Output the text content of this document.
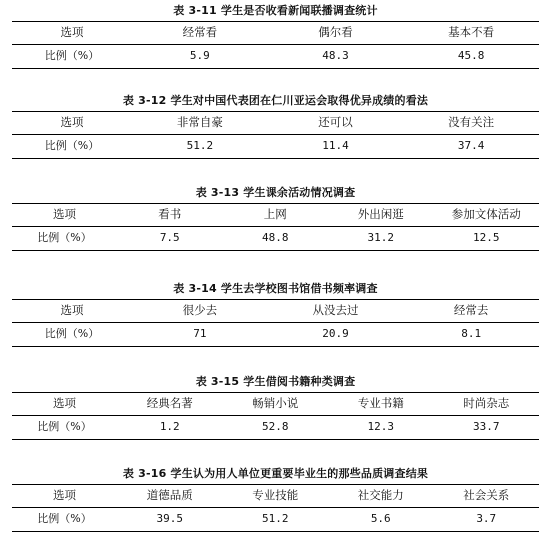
表 3-11 学生是否收看新闻联播调查统计
选项	经常看	偶尔看	基本不看
比例（%）	5.9	48.3	45.8
表 3-12 学生对中国代表团在仁川亚运会取得优异成绩的看法
选项	非常自豪	还可以	没有关注
比例（%）	51.2	11.4	37.4
表 3-13 学生课余活动情况调查
选项	看书	上网	外出闲逛	参加文体活动
比例（%）	7.5	48.8	31.2	12.5
表 3-14 学生去学校图书馆借书频率调查
选项	很少去	从没去过	经常去
比例（%）	71	20.9	8.1
表 3-15 学生借阅书籍种类调查
选项	经典名著	畅销小说	专业书籍	时尚杂志
比例（%）	1.2	52.8	12.3	33.7
表 3-16 学生认为用人单位更重要毕业生的那些品质调查结果
选项	道德品质	专业技能	社交能力	社会关系
比例（%）	39.5	51.2	5.6	3.7
